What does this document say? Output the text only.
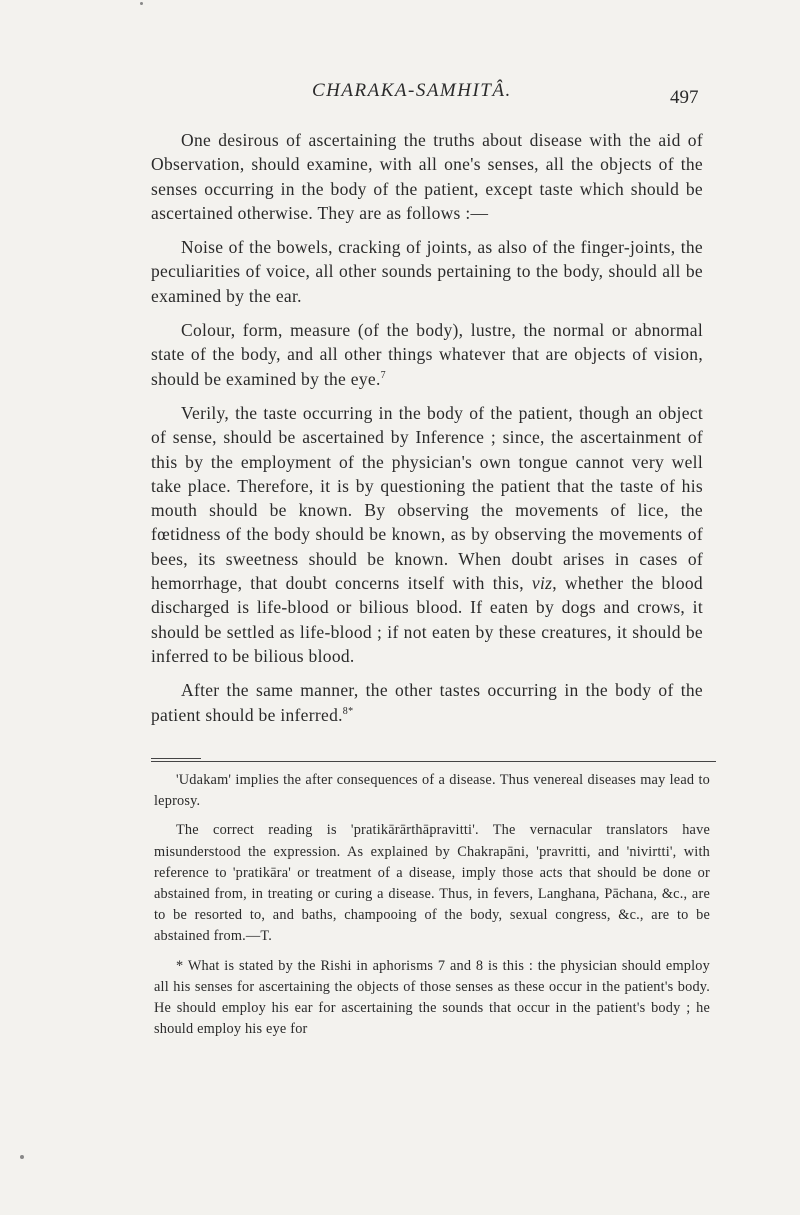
CHARAKA-SAMHITÂ.	497

One desirous of ascertaining the truths about disease with the aid of Observation, should examine, with all one's senses, all the objects of the senses occurring in the body of the patient, except taste which should be ascertained otherwise. They are as follows :—

Noise of the bowels, cracking of joints, as also of the finger-joints, the peculiarities of voice, all other sounds pertaining to the body, should all be examined by the ear.

Colour, form, measure (of the body), lustre, the normal or abnormal state of the body, and all other things whatever that are objects of vision, should be examined by the eye.$^7$

Verily, the taste occurring in the body of the patient, though an object of sense, should be ascertained by Inference ; since, the ascertainment of this by the employment of the physician's own tongue cannot very well take place. Therefore, it is by questioning the patient that the taste of his mouth should be known. By observing the movements of lice, the fœtidness of the body should be known, as by observing the movements of bees, its sweetness should be known. When doubt arises in cases of hemorrhage, that doubt concerns itself with this, viz, whether the blood discharged is life-blood or bilious blood. If eaten by dogs and crows, it should be settled as life-blood ; if not eaten by these creatures, it should be inferred to be bilious blood.

After the same manner, the other tastes occurring in the body of the patient should be inferred.$^{8*}$

'Udakam' implies the after consequences of a disease. Thus venereal diseases may lead to leprosy.

The correct reading is 'pratikārārthāpravitti'. The vernacular translators have misunderstood the expression. As explained by Chakrapāni, 'pravritti, and 'nivirtti', with reference to 'pratikāra' or treatment of a disease, imply those acts that should be done or abstained from, in treating or curing a disease. Thus, in fevers, Langhana, Pāchana, &c., are to be resorted to, and baths, champooing of the body, sexual congress, &c., are to be abstained from.—T.

* What is stated by the Rishi in aphorisms 7 and 8 is this : the physician should employ all his senses for ascertaining the objects of those senses as these occur in the patient's body. He should employ his ear for ascertaining the sounds that occur in the patient's body ; he should employ his eye for
